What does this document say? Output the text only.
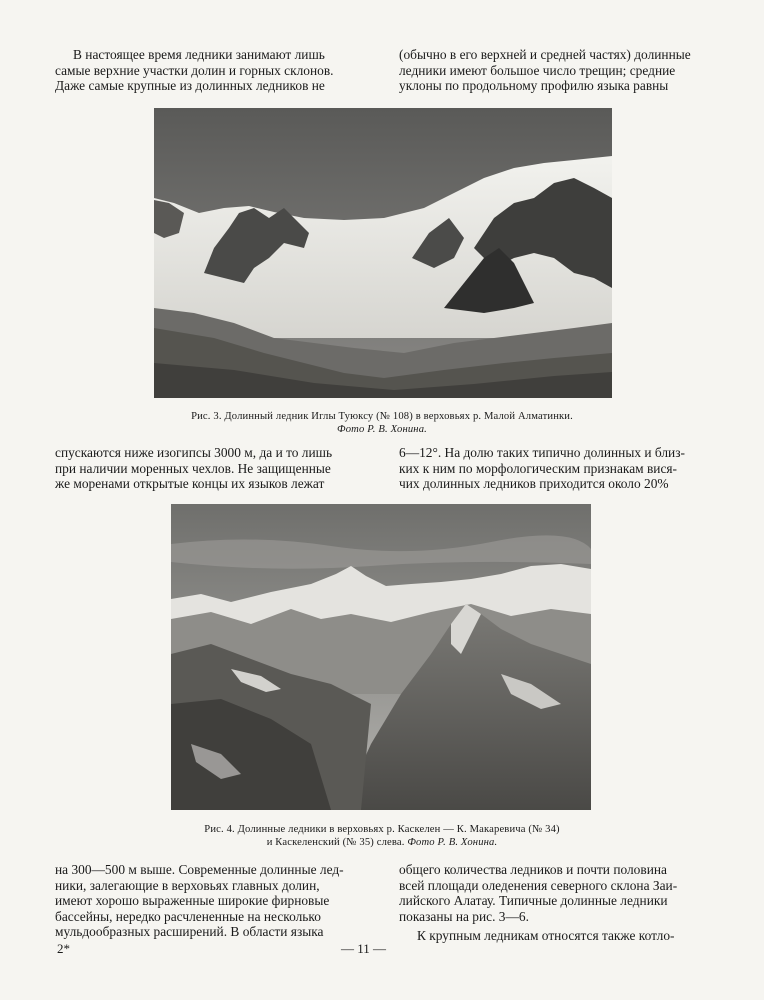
В настоящее время ледники занимают лишь

самые верхние участки долин и горных склонов.

Даже самые крупные из долинных ледников не

(обычно в его верхней и средней частях) долинные

ледники имеют большое число трещин; средние

уклоны по продольному профилю языка равны

Рис. 3. Долинный ледник Иглы Туюксу (№ 108) в верховьях р. Малой Алматинки.
Фото Р. В. Хонина.

спускаются ниже изогипсы 3000 м, да и то лишь

при наличии моренных чехлов. Не защищенные

же моренами открытые концы их языков лежат

6—12°. На долю таких типично долинных и близ-

ких к ним по морфологическим признакам вися-

чих долинных ледников приходится около 20%

Рис. 4. Долинные ледники в верховьях р. Каскелен — К. Макаревича (№ 34)
и Каскеленский (№ 35) слева. Фото Р. В. Хонина.

на 300—500 м выше. Современные долинные лед-

ники, залегающие в верховьях главных долин,

имеют хорошо выраженные широкие фирновые

бассейны, нередко расчлененные на несколько

мульдообразных расширений. В области языка

общего количества ледников и почти половина

всей площади оледенения северного склона Заи-

лийского Алатау. Типичные долинные ледники

показаны на рис. 3—6.

К крупным ледникам относятся также котло-

2*	— 11 —
